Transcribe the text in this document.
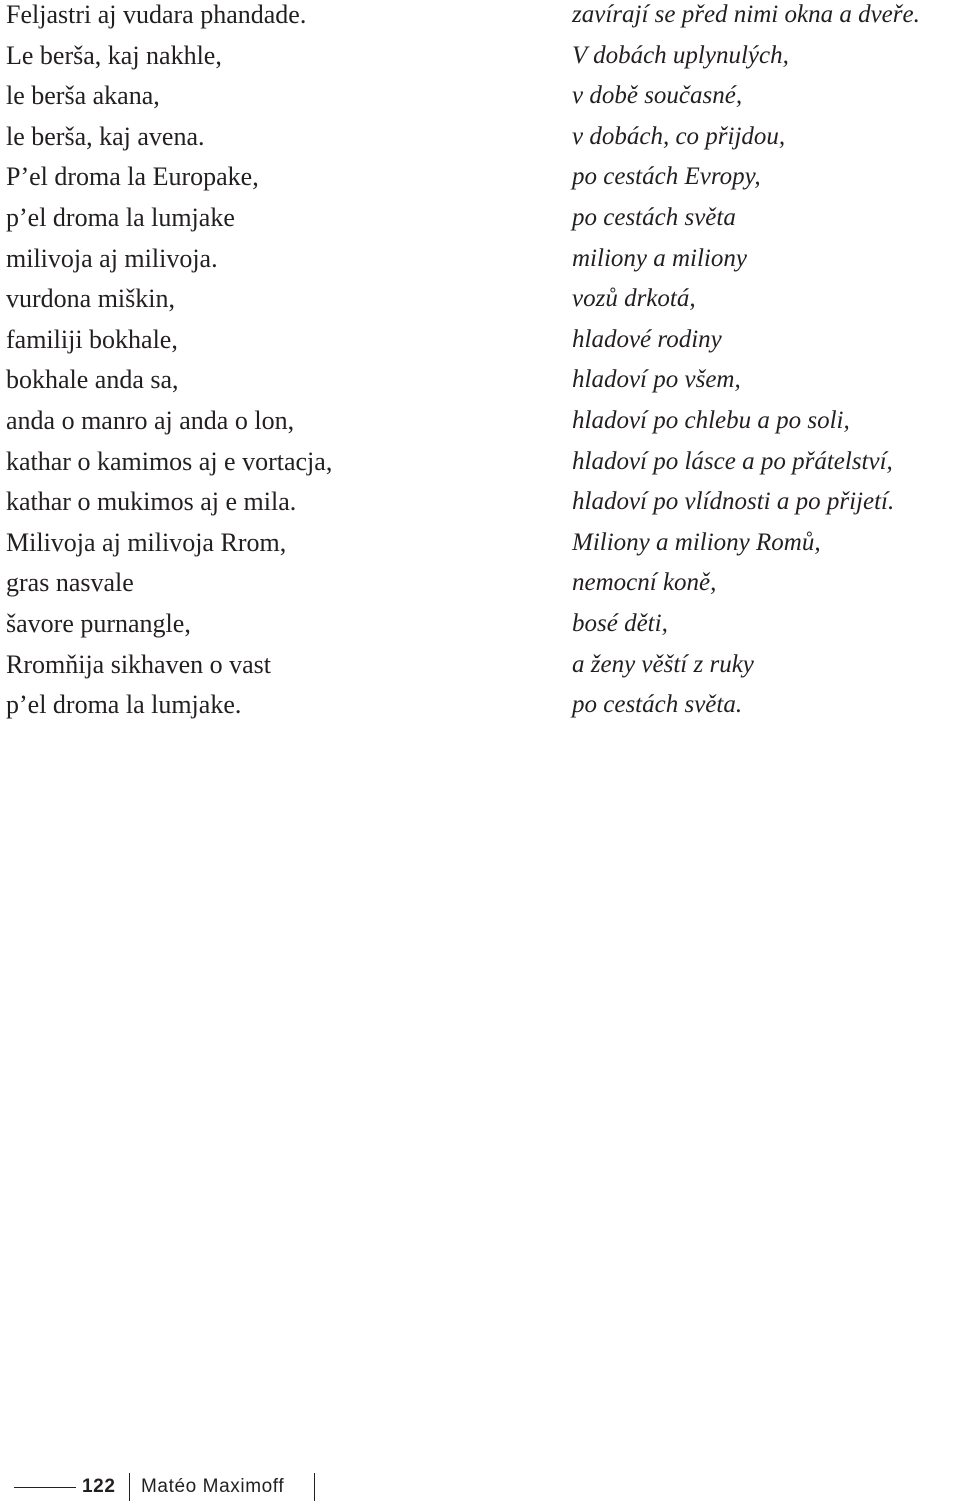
Feljastri aj vudara phandade.
Le berša, kaj nakhle,
le berša akana,
le berša, kaj avena.
P’el droma la Europake,
p’el droma la lumjake
milivoja aj milivoja.
vurdona miškin,
familiji bokhale,
bokhale anda sa,
anda o manro aj anda o lon,
kathar o kamimos aj e vortacja,
kathar o mukimos aj e mila.
Milivoja aj milivoja Rrom,
gras nasvale
šavore purnangle,
Rromňija sikhaven o vast
p’el droma la lumjake.
zavírají se před nimi okna a dveře.
V dobách uplynulých,
v době současné,
v dobách, co přijdou,
po cestách Evropy,
po cestách světa
miliony a miliony
vozů drkotá,
hladové rodiny
hladoví po všem,
hladoví po chlebu a po soli,
hladoví po lásce a po přátelství,
hladoví po vlídnosti a po přijetí.
Miliony a miliony Romů,
nemocní koně,
bosé děti,
a ženy věští z ruky
po cestách světa.
122 Matéo Maximoff
